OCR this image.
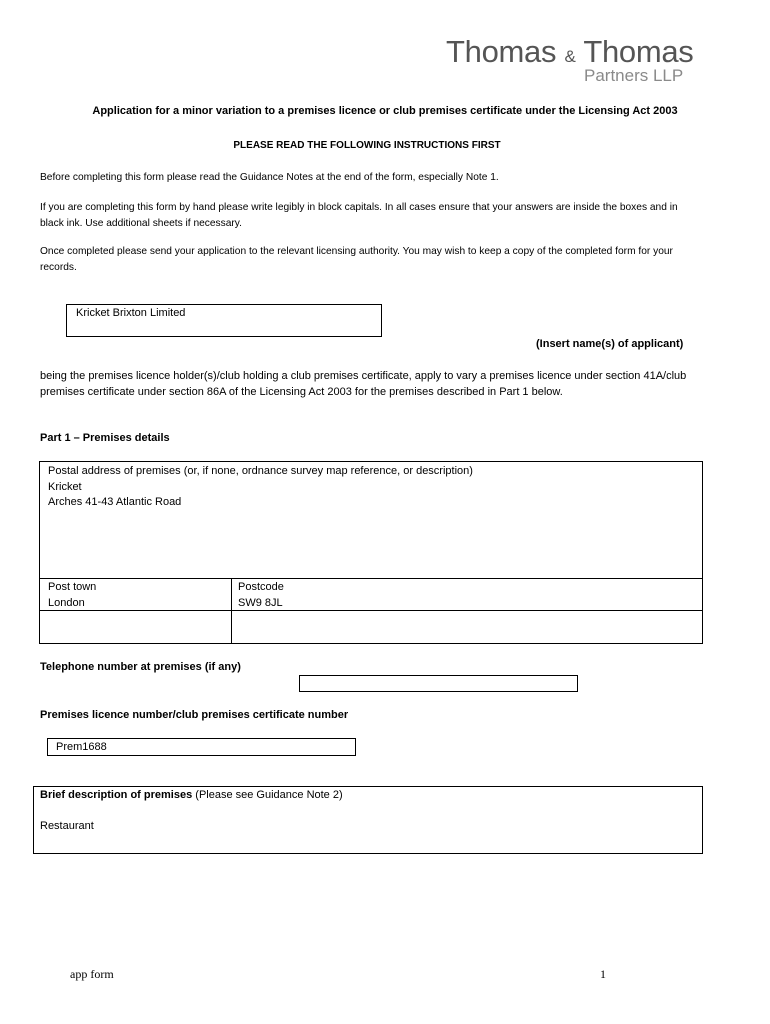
Thomas & Thomas
Partners LLP
Application for a minor variation to a premises licence or club premises certificate under the Licensing Act 2003
PLEASE READ THE FOLLOWING INSTRUCTIONS FIRST
Before completing this form please read the Guidance Notes at the end of the form, especially Note 1.
If you are completing this form by hand please write legibly in block capitals. In all cases ensure that your answers are inside the boxes and in black ink. Use additional sheets if necessary.
Once completed please send your application to the relevant licensing authority. You may wish to keep a copy of the completed form for your records.
Kricket Brixton Limited
(Insert name(s) of applicant)
being the premises licence holder(s)/club holding a club premises certificate, apply to vary a premises licence under section 41A/club premises certificate under section 86A of the Licensing Act 2003 for the premises described in Part 1 below.
Part 1 – Premises details
Postal address of premises (or, if none, ordnance survey map reference, or description)
Kricket
Arches 41-43 Atlantic Road
Post town
London
Postcode
SW9 8JL
Telephone number at premises (if any)
Premises licence number/club premises certificate number
Prem1688
Brief description of premises (Please see Guidance Note 2)
Restaurant
app form	1
